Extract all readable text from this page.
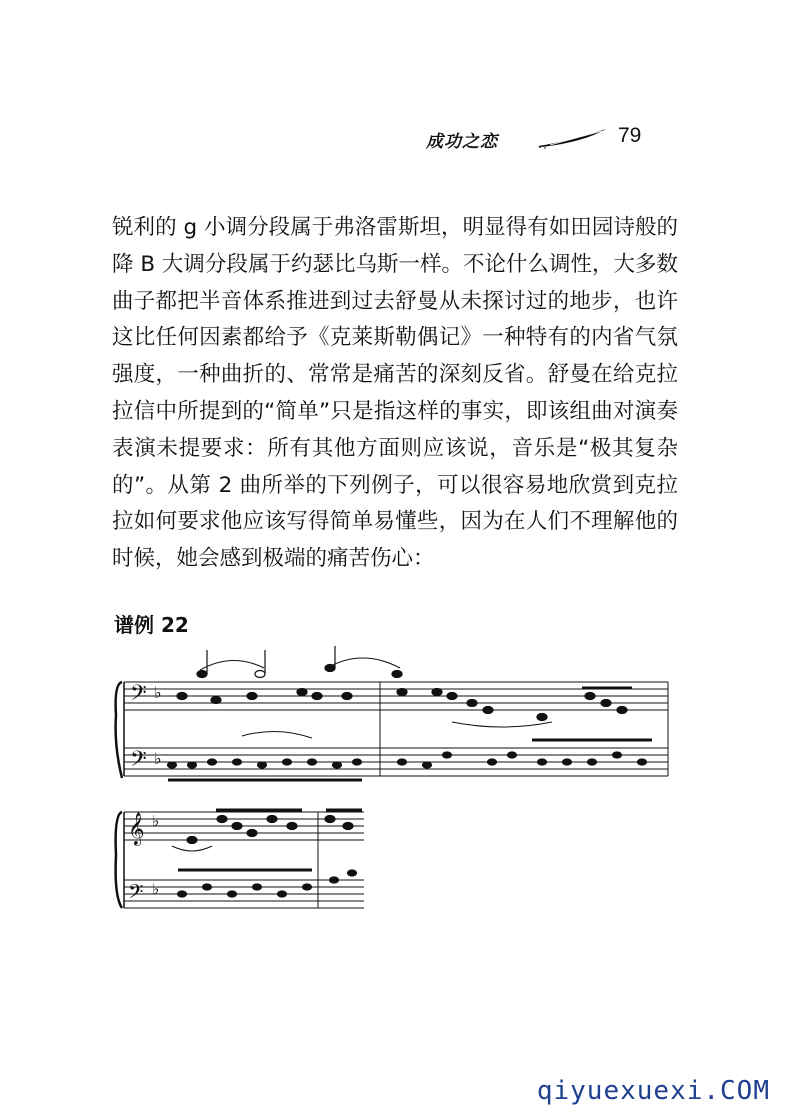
成功之恋	79

锐利的 g 小调分段属于弗洛雷斯坦，明显得有如田园诗般的降 B 大调分段属于约瑟比乌斯一样。不论什么调性，大多数曲子都把半音体系推进到过去舒曼从未探讨过的地步，也许这比任何因素都给予《克莱斯勒偶记》一种特有的内省气氛强度，一种曲折的、常常是痛苦的深刻反省。舒曼在给克拉拉信中所提到的“简单”只是指这样的事实，即该组曲对演奏表演未提要求：所有其他方面则应该说，音乐是“极其复杂的”。从第 2 曲所举的下列例子，可以很容易地欣赏到克拉拉如何要求他应该写得简单易懂些，因为在人们不理解他的时候，她会感到极端的痛苦伤心：

谱例 22
𝄢
𝄢
♭
♭
𝄞
𝄢
♭
♭
qiyuexuexi.COM
